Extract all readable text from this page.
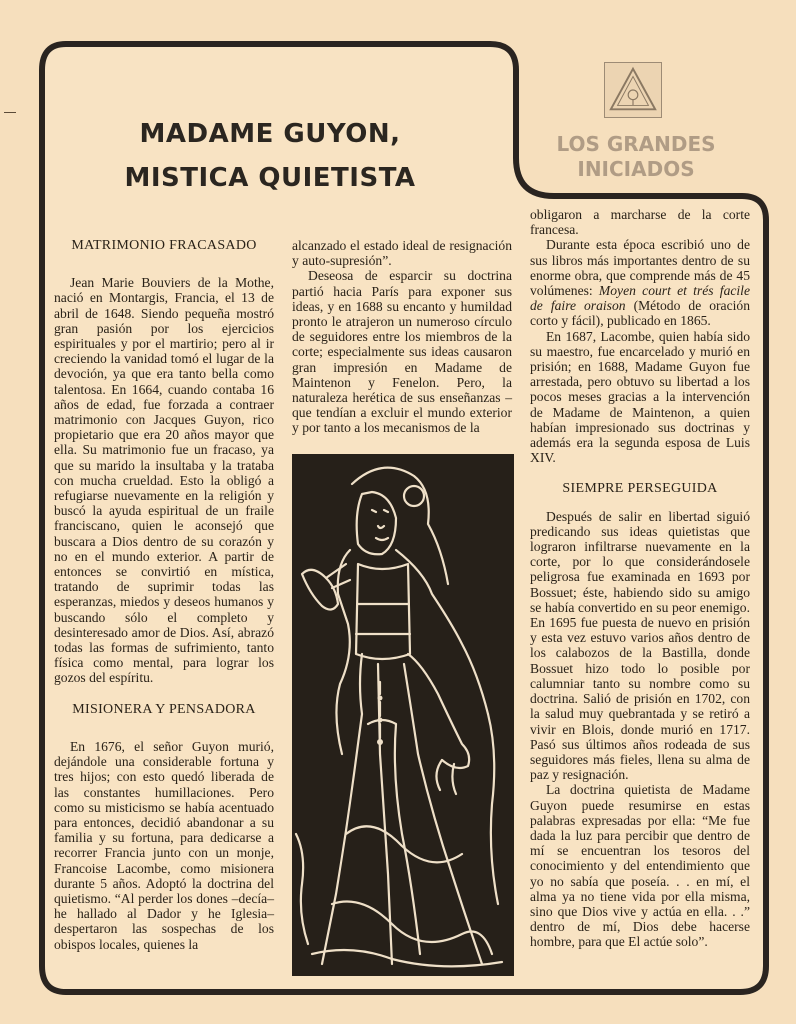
MADAME GUYON,
MISTICA QUIETISTA
LOS GRANDES
INICIADOS
MATRIMONIO FRACASADO

Jean Marie Bouviers de la Mothe, nació en Montargis, Francia, el 13 de abril de 1648. Siendo pequeña mostró gran pasión por los ejercicios espirituales y por el martirio; pero al ir creciendo la vanidad tomó el lugar de la devoción, ya que era tanto bella como talentosa. En 1664, cuando contaba 16 años de edad, fue forzada a contraer matrimonio con Jacques Guyon, rico propietario que era 20 años mayor que ella. Su matrimonio fue un fracaso, ya que su marido la insultaba y la trataba con mucha crueldad. Esto la obligó a refugiarse nuevamente en la religión y buscó la ayuda espiritual de un fraile franciscano, quien le aconsejó que buscara a Dios dentro de su corazón y no en el mundo exterior. A partir de entonces se convirtió en mística, tratando de suprimir todas las esperanzas, miedos y deseos humanos y buscando sólo el completo y desinteresado amor de Dios. Así, abrazó todas las formas de sufrimiento, tanto física como mental, para lograr los gozos del espíritu.

MISIONERA Y PENSADORA

En 1676, el señor Guyon murió, dejándole una considerable fortuna y tres hijos; con esto quedó liberada de las constantes humillaciones. Pero como su misticismo se había acentuado para entonces, decidió abandonar a su familia y su fortuna, para dedicarse a recorrer Francia junto con un monje, Francoise Lacombe, como misionera durante 5 años. Adoptó la doctrina del quietismo. “Al perder los dones –decía– he hallado al Dador y he Iglesia– despertaron las sospechas de los obispos locales, quienes la

alcanzado el estado ideal de resignación y auto-supresión”.

Deseosa de esparcir su doctrina partió hacia París para exponer sus ideas, y en 1688 su encanto y humildad pronto le atrajeron un numeroso círculo de seguidores entre los miembros de la corte; especialmente sus ideas causaron gran impresión en Madame de Maintenon y Fenelon. Pero, la naturaleza herética de sus enseñanzas –que tendían a excluir el mundo exterior y por tanto a los mecanismos de la

obligaron a marcharse de la corte francesa.

Durante esta época escribió uno de sus libros más importantes dentro de su enorme obra, que comprende más de 45 volúmenes: Moyen court et trés facile de faire oraison (Método de oración corto y fácil), publicado en 1865.

En 1687, Lacombe, quien había sido su maestro, fue encarcelado y murió en prisión; en 1688, Madame Guyon fue arrestada, pero obtuvo su libertad a los pocos meses gracias a la intervención de Madame de Maintenon, a quien habían impresionado sus doctrinas y además era la segunda esposa de Luis XIV.

SIEMPRE PERSEGUIDA

Después de salir en libertad siguió predicando sus ideas quietistas que lograron infiltrarse nuevamente en la corte, por lo que considerándosele peligrosa fue examinada en 1693 por Bossuet; éste, habiendo sido su amigo se había convertido en su peor enemigo. En 1695 fue puesta de nuevo en prisión y esta vez estuvo varios años dentro de los calabozos de la Bastilla, donde Bossuet hizo todo lo posible por calumniar tanto su nombre como su doctrina. Salió de prisión en 1702, con la salud muy quebrantada y se retiró a vivir en Blois, donde murió en 1717. Pasó sus últimos años rodeada de sus seguidores más fieles, llena su alma de paz y resignación.

La doctrina quietista de Madame Guyon puede resumirse en estas palabras expresadas por ella: “Me fue dada la luz para percibir que dentro de mí se encuentran los tesoros del conocimiento y del entendimiento que yo no sabía que poseía. . . en mí, el alma ya no tiene vida por ella misma, sino que Dios vive y actúa en ella. . .” dentro de mí, Dios debe hacerse hombre, para que El actúe solo”.
